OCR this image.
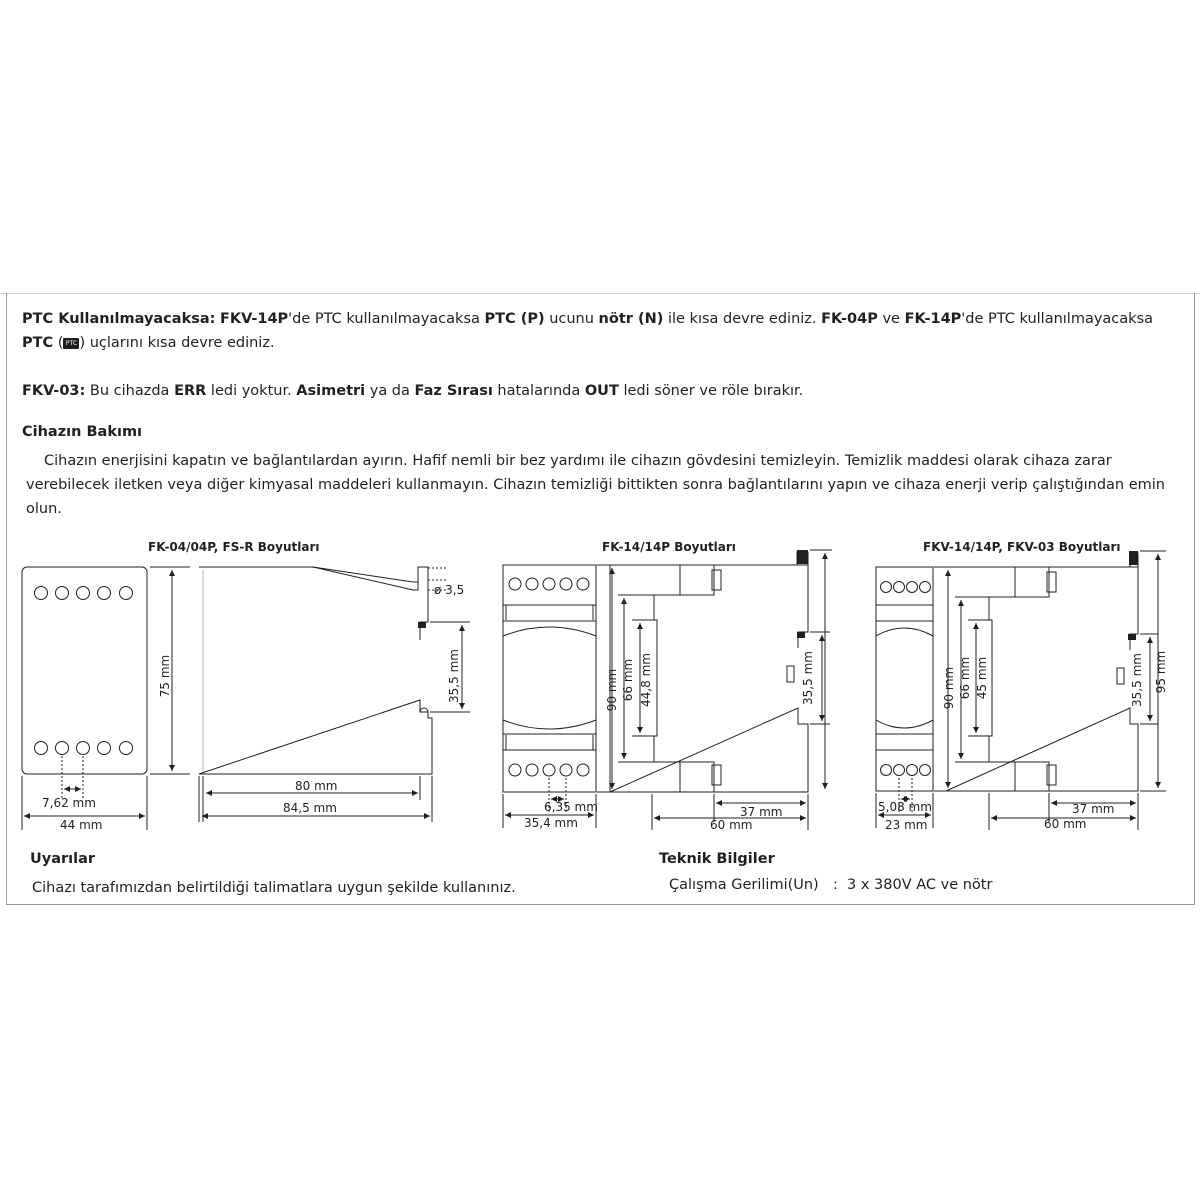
PTC Kullanılmayacaksa: FKV-14P'de PTC kullanılmayacaksa PTC (P) ucunu nötr (N) ile kısa devre ediniz. FK-04P ve FK-14P'de PTC kullanılmayacaksa
PTC ( PTC ) uçlarını kısa devre ediniz.
FKV-03: Bu cihazda ERR ledi yoktur. Asimetri ya da Faz Sırası hatalarında OUT ledi söner ve röle bırakır.
Cihazın Bakımı
Cihazın enerjisini kapatın ve bağlantılardan ayırın. Hafif nemli bir bez yardımı ile cihazın gövdesini temizleyin. Temizlik maddesi olarak cihaza zarar verebilecek iletken veya diğer kimyasal maddeleri kullanmayın. Cihazın temizliği bittikten sonra bağlantılarını yapın ve cihaza enerji verip çalıştığından emin olun.
FK-04/04P, FS-R Boyutları
75 mm
7,62 mm
44 mm
ø 3,5
35,5 mm
80 mm
84,5 mm
FK-14/14P Boyutları
90 mm 66 mm 44,8 mm	35,5 mm
6,35 mm
35,4 mm
37 mm
60 mm
FKV-14/14P, FKV-03 Boyutları
90 mm 66 mm 45 mm	35,5 mm 95 mm
5,08 mm
23 mm
37 mm
60 mm
Uyarılar
Cihazı tarafımızdan belirtildiği talimatlara uygun şekilde kullanınız.
Teknik Bilgiler
Çalışma Gerilimi(Un) : 3 x 380V AC ve nötr
